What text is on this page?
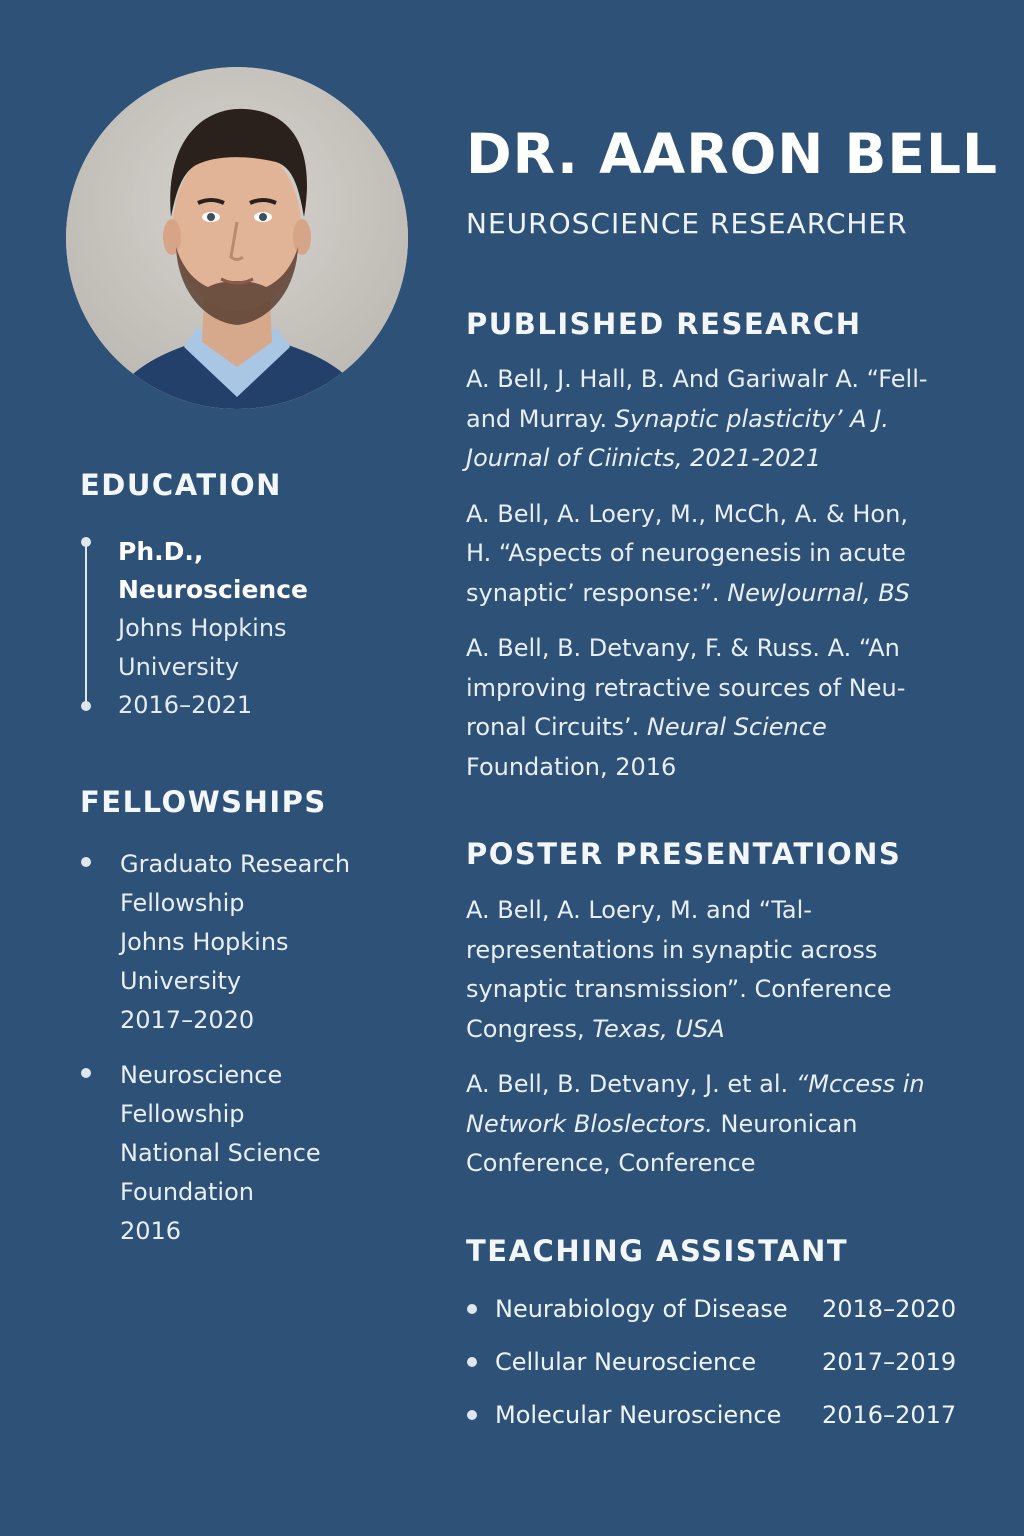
EDUCATION
Ph.D.,
Neuroscience
Johns Hopkins
University
2016–2021
FELLOWSHIPS
Graduato Research
Fellowship
Johns Hopkins
University
2017–2020
Neuroscience
Fellowship
National Science
Foundation
2016
DR. AARON BELL
NEUROSCIENCE RESEARCHER
PUBLISHED RESEARCH
A. Bell, J. Hall, B. And Gariwalr A. “Fell-
and Murray. Synaptic plasticity’ A J.
Journal of Ciinicts, 2021-2021
A. Bell, A. Loery, M., McCh, A. & Hon,
H. “Aspects of neurogenesis in acute
synaptic’ response:”. NewJournal, BS
A. Bell, B. Detvany, F. & Russ. A. “An
improving retractive sources of Neu-
ronal Circuits’. Neural Science
Foundation, 2016
POSTER PRESENTATIONS
A. Bell, A. Loery, M. and “Tal-
representations in synaptic across
synaptic transmission”. Conference
Congress, Texas, USA
A. Bell, B. Detvany, J. et al. “Mccess in
Network Bloslectors. Neuronican
Conference, Conference
TEACHING ASSISTANT
Neurabiology of Disease 2018–2020
Cellular Neuroscience	2017–2019
Molecular Neuroscience 2016–2017
